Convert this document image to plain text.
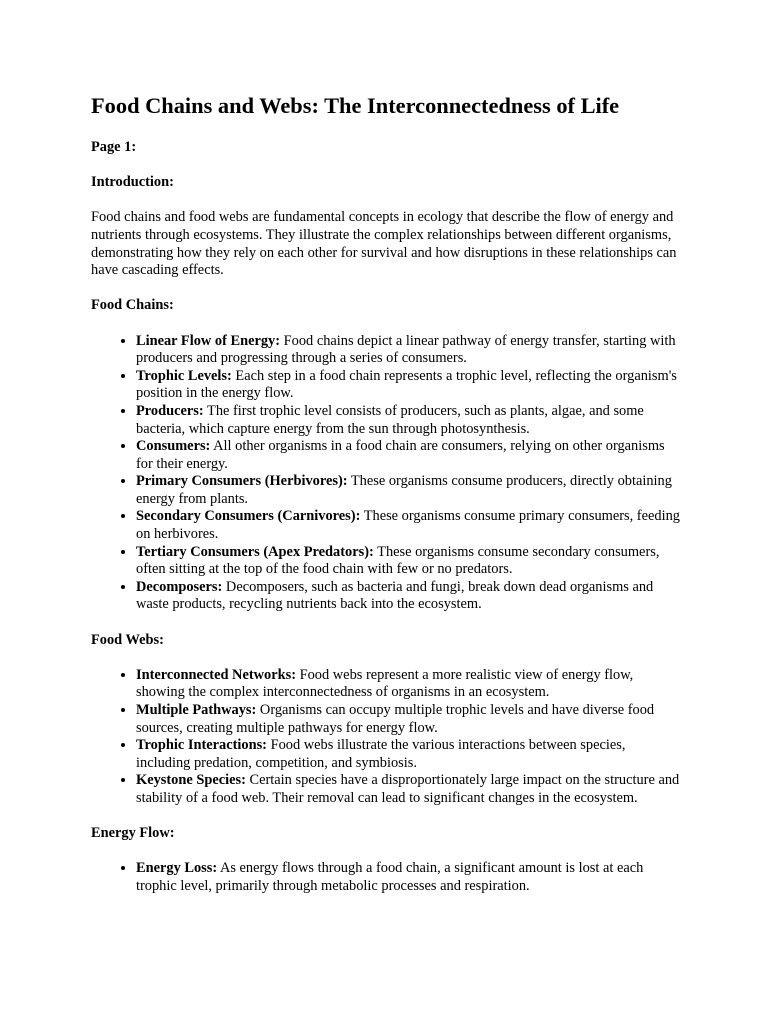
Food Chains and Webs: The Interconnectedness of Life
Page 1:
Introduction:

Food chains and food webs are fundamental concepts in ecology that describe the flow of energy and nutrients through ecosystems. They illustrate the complex relationships between different organisms, demonstrating how they rely on each other for survival and how disruptions in these relationships can have cascading effects.

Food Chains:
• Linear Flow of Energy: Food chains depict a linear pathway of energy transfer, starting with producers and progressing through a series of consumers.
• Trophic Levels: Each step in a food chain represents a trophic level, reflecting the organism's position in the energy flow.
• Producers: The first trophic level consists of producers, such as plants, algae, and some bacteria, which capture energy from the sun through photosynthesis.
• Consumers: All other organisms in a food chain are consumers, relying on other organisms for their energy.
• Primary Consumers (Herbivores): These organisms consume producers, directly obtaining energy from plants.
• Secondary Consumers (Carnivores): These organisms consume primary consumers, feeding on herbivores.
• Tertiary Consumers (Apex Predators): These organisms consume secondary consumers, often sitting at the top of the food chain with few or no predators.
• Decomposers: Decomposers, such as bacteria and fungi, break down dead organisms and waste products, recycling nutrients back into the ecosystem.
Food Webs:
• Interconnected Networks: Food webs represent a more realistic view of energy flow, showing the complex interconnectedness of organisms in an ecosystem.
• Multiple Pathways: Organisms can occupy multiple trophic levels and have diverse food sources, creating multiple pathways for energy flow.
• Trophic Interactions: Food webs illustrate the various interactions between species, including predation, competition, and symbiosis.
• Keystone Species: Certain species have a disproportionately large impact on the structure and stability of a food web. Their removal can lead to significant changes in the ecosystem.
Energy Flow:
• Energy Loss: As energy flows through a food chain, a significant amount is lost at each trophic level, primarily through metabolic processes and respiration.
